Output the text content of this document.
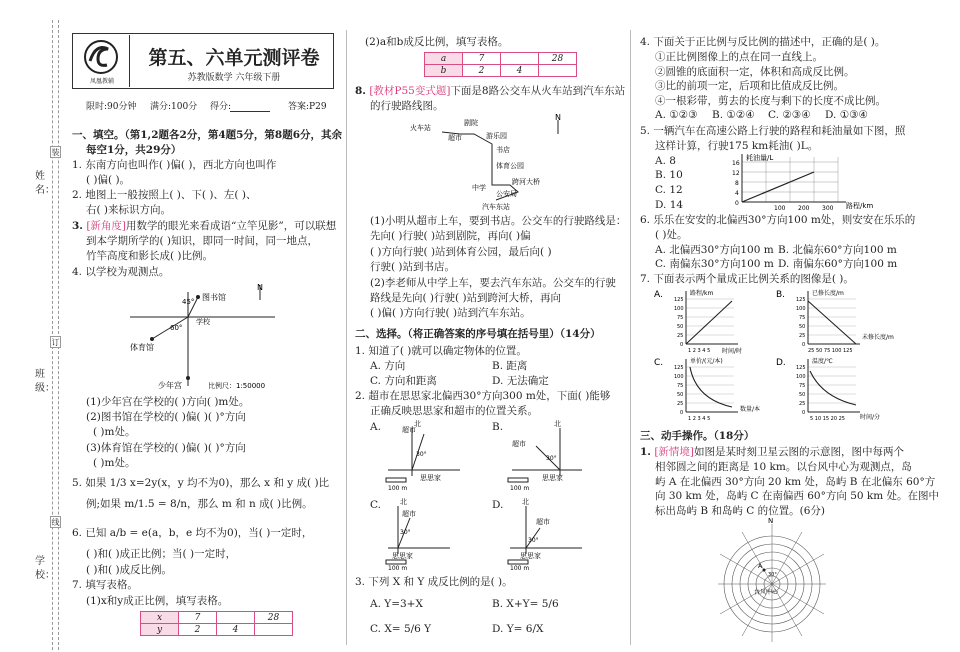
姓名：
班级：
学校：
装
订
线
凤凰教辅
第五、六单元测评卷
苏教版数学 六年级下册
限时:90分钟 满分:100分 得分:	答案:P29
一、填空。（第1,2题各2分，第4题5分，第8题6分，其余
每空1分，共29分）
1. 东南方向也叫作( )偏( )，西北方向也叫作
( )偏( )。
2. 地图上一般按照上( )、下( )、左( )、
右( )来标识方向。
3. [新角度]用数学的眼光来看成语“立竿见影”，可以联想
到本学期所学的( )知识，即同一时间，同一地点，
竹竿高度和影长成( )比例。
4. 以学校为观测点。
N
图书馆
45°
学校
60°
体育馆
少年宫	比例尺：1:50000
(1)少年宫在学校的( )方向( )m处。
(2)图书馆在学校的( )偏( )( )°方向
( )m处。
(3)体育馆在学校的( )偏( )( )°方向
( )m处。
5. 如果 1/3 x=2y(x，y 均不为0)，那么 x 和 y 成( )比
例;如果 m/1.5 = 8/n，那么 m 和 n 成( )比例。
6. 已知 a/b = e(a，b，e 均不为0)，当( )一定时，
( )和( )成正比例；当( )一定时，
( )和( )成反比例。
7. 填写表格。
(1)x和y成正比例，填写表格。
x	7		28
y	2	4	
(2)a和b成反比例，填写表格。
a	7		28
b	2	4	
8. [教材P55变式题]下面是8路公交车从火车站到汽车东站
的行驶路线图。
N
火车站
超市
剧院
游乐园
书店
体育公园
跨河大桥
中学
公安局
汽车东站
(1)小明从超市上车，要到书店。公交车的行驶路线是：
先向( )行驶( )站到剧院，再向( )偏
( )方向行驶( )站到体育公园，最后向( )
行驶( )站到书店。
(2)李老师从中学上车，要去汽车东站。公交车的行驶
路线是先向( )行驶( )站到跨河大桥，再向
( )偏( )方向行驶( )站到汽车东站。
二、选择。（将正确答案的序号填在括号里）（14分）
1. 知道了( )就可以确定物体的位置。
A. 方向	B. 距离
C. 方向和距离	D. 无法确定
2. 超市在思思家北偏西30°方向300 m处，下面( )能够
正确反映思思家和超市的位置关系。
A.	超市
北
30°
思思家
100 m
B.
超市
北
30°
思思家
100 m
C.
超市
北
30°
思思家
100 m
D.
超市
北
30°
思思家
100 m
3. 下列 X 和 Y 成反比例的是( )。
A. Y=3+X	B. X+Y= 5/6
C. X= 5/6 Y	D. Y= 6/X
4. 下面关于正比例与反比例的描述中，正确的是( )。
①正比例图像上的点在同一直线上。
②圆锥的底面积一定，体积和高成反比例。
③比的前项一定，后项和比值成反比例。
④一根彩带，剪去的长度与剩下的长度不成比例。
A. ①②③ B. ①②④ C. ②③④ D. ①③④
5. 一辆汽车在高速公路上行驶的路程和耗油量如下图，照
这样计算，行驶175 km耗油( )L。
A. 8
B. 10
C. 12
D. 14
耗油量/L
16
12
8
4
0
100 200 300 路程/km
6. 乐乐在安安的北偏西30°方向100 m处，则安安在乐乐的
( )处。
A. 北偏西30°方向100 m B. 北偏东60°方向100 m
C. 南偏东30°方向100 m D. 南偏东60°方向100 m
7. 下面表示两个量成正比例关系的图像是( )。
A.	B.
C.	D.
路程/km
时间/时
1 2 3 4 5
已修长度/m
未修长度/m
25 50 75 100 125
单价/(元/本)
数量/本
1 2 3 4 5
温度/℃
时间/分
5 10 15 20 25
125
100
75
50
25
0
125
100
75
50
25
0
125
100
75
50
25
0
125
100
75
50
25
0
三、动手操作。（18分）
1. [新情境]如图是某时刻卫星云图的示意图，图中每两个
相邻圆之间的距离是 10 km。以台风中心为观测点，岛
屿 A 在北偏西 30°方向 20 km 处，岛屿 B 在北偏东 60°方
向 30 km 处，岛屿 C 在南偏西 60°方向 50 km 处。在图中
标出岛屿 B 和岛屿 C 的位置。(6分)
N
A
30°
台风中心
